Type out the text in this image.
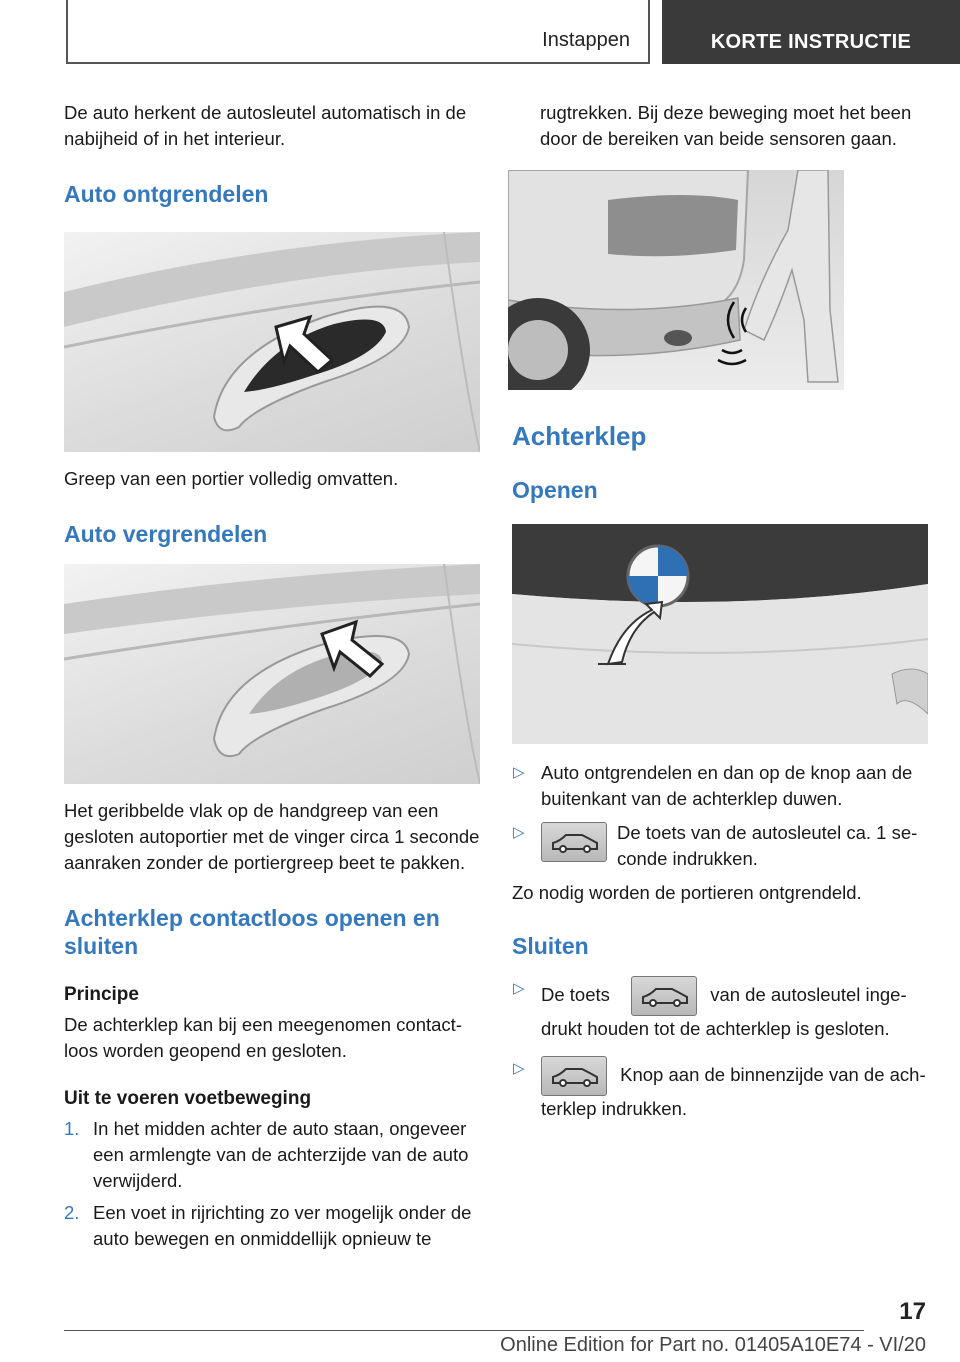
Instappen	KORTE INSTRUCTIE

De auto herkent de autosleutel automatisch in de nabijheid of in het interieur.

Auto ontgrendelen

Greep van een portier volledig omvatten.

Auto vergrendelen

Het geribbelde vlak op de handgreep van een gesloten autoportier met de vinger circa 1 seconde aanraken zonder de portiergreep beet te pakken.

Achterklep contactloos openen en sluiten
Principe

De achterklep kan bij een meegenomen contactloos worden geopend en gesloten.

Uit te voeren voetbeweging
1. In het midden achter de auto staan, ongeveer een armlengte van de achterzijde van de auto verwijderd.
2. Een voet in rijrichting zo ver mogelijk onder de auto bewegen en onmiddellijk opnieuw te

rugtrekken. Bij deze beweging moet het been door de bereiken van beide sensoren gaan.

Achterklep
Openen
▷ Auto ontgrendelen en dan op de knop aan de buitenkant van de achterklep duwen.
▷	De toets van de autosleutel ca. 1 seconde indrukken.

Zo nodig worden de portieren ontgrendeld.

Sluiten
▷ De toets	van de autosleutel ingedrukt houden tot de achterklep is gesloten.
▷	Knop aan de binnenzijde van de achterklep indrukken.
17
Online Edition for Part no. 01405A10E74 - VI/20
